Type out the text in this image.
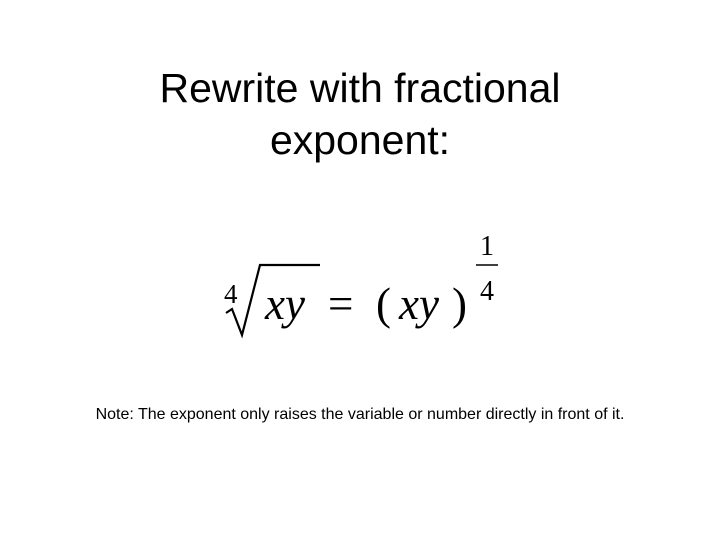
Rewrite with fractional
exponent:
4 xy = ( xy )
1
4

Note: The exponent only raises the variable or number directly in front of it.
